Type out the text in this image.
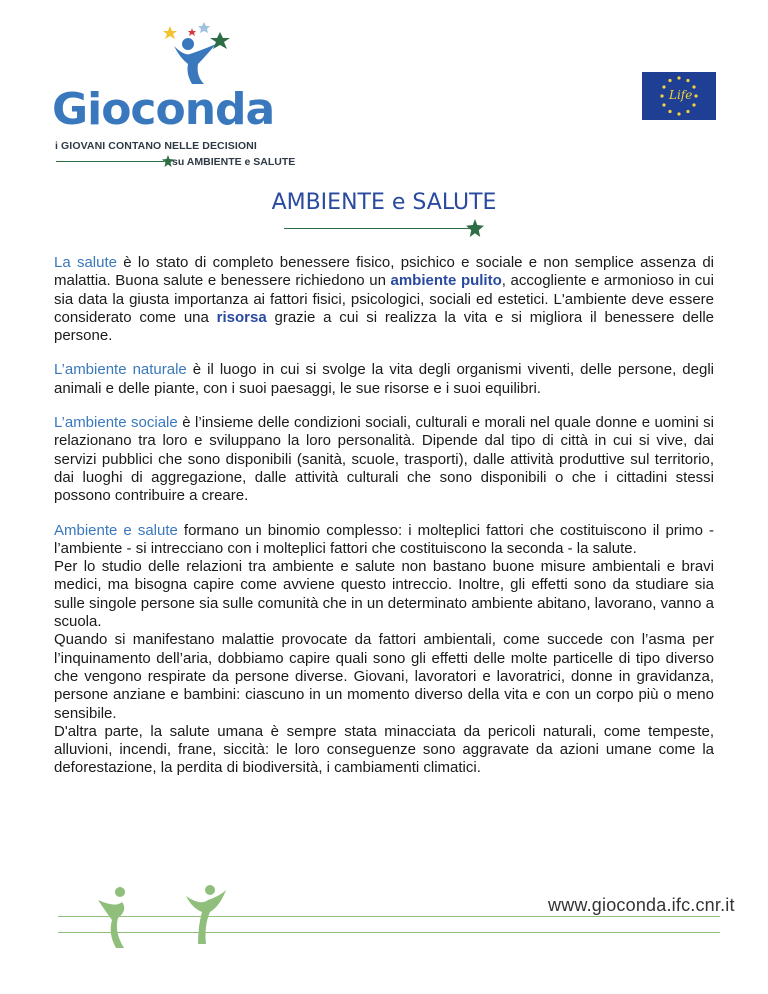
Gioconda
i GIOVANI CONTANO NELLE DECISIONI
su AMBIENTE e SALUTE
Life
AMBIENTE e SALUTE

La salute è lo stato di completo benessere fisico, psichico e sociale e non semplice assenza di malattia. Buona salute e benessere richiedono un ambiente pulito, accogliente e armonioso in cui sia data la giusta importanza ai fattori fisici, psicologici, sociali ed estetici. L'ambiente deve essere considerato come una risorsa grazie a cui si realizza la vita e si migliora il benessere delle persone.

L’ambiente naturale è il luogo in cui si svolge la vita degli organismi viventi, delle persone, degli animali e delle piante, con i suoi paesaggi, le sue risorse e i suoi equilibri.

L’ambiente sociale è l’insieme delle condizioni sociali, culturali e morali nel quale donne e uomini si relazionano tra loro e sviluppano la loro personalità. Dipende dal tipo di città in cui si vive, dai servizi pubblici che sono disponibili (sanità, scuole, trasporti), dalle attività produttive sul territorio, dai luoghi di aggregazione, dalle attività culturali che sono disponibili o che i cittadini stessi possono contribuire a creare.

Ambiente e salute formano un binomio complesso: i molteplici fattori che costituiscono il primo - l’ambiente - si intrecciano con i molteplici fattori che costituiscono la seconda - la salute.

Per lo studio delle relazioni tra ambiente e salute non bastano buone misure ambientali e bravi medici, ma bisogna capire come avviene questo intreccio. Inoltre, gli effetti sono da studiare sia sulle singole persone sia sulle comunità che in un determinato ambiente abitano, lavorano, vanno a scuola.

Quando si manifestano malattie provocate da fattori ambientali, come succede con l’asma per l’inquinamento dell’aria, dobbiamo capire quali sono gli effetti delle molte particelle di tipo diverso che vengono respirate da persone diverse. Giovani, lavoratori e lavoratrici, donne in gravidanza, persone anziane e bambini: ciascuno in un momento diverso della vita e con un corpo più o meno sensibile.

D'altra parte, la salute umana è sempre stata minacciata da pericoli naturali, come tempeste, alluvioni, incendi, frane, siccità: le loro conseguenze sono aggravate da azioni umane come la deforestazione, la perdita di biodiversità, i cambiamenti climatici.

www.gioconda.ifc.cnr.it
